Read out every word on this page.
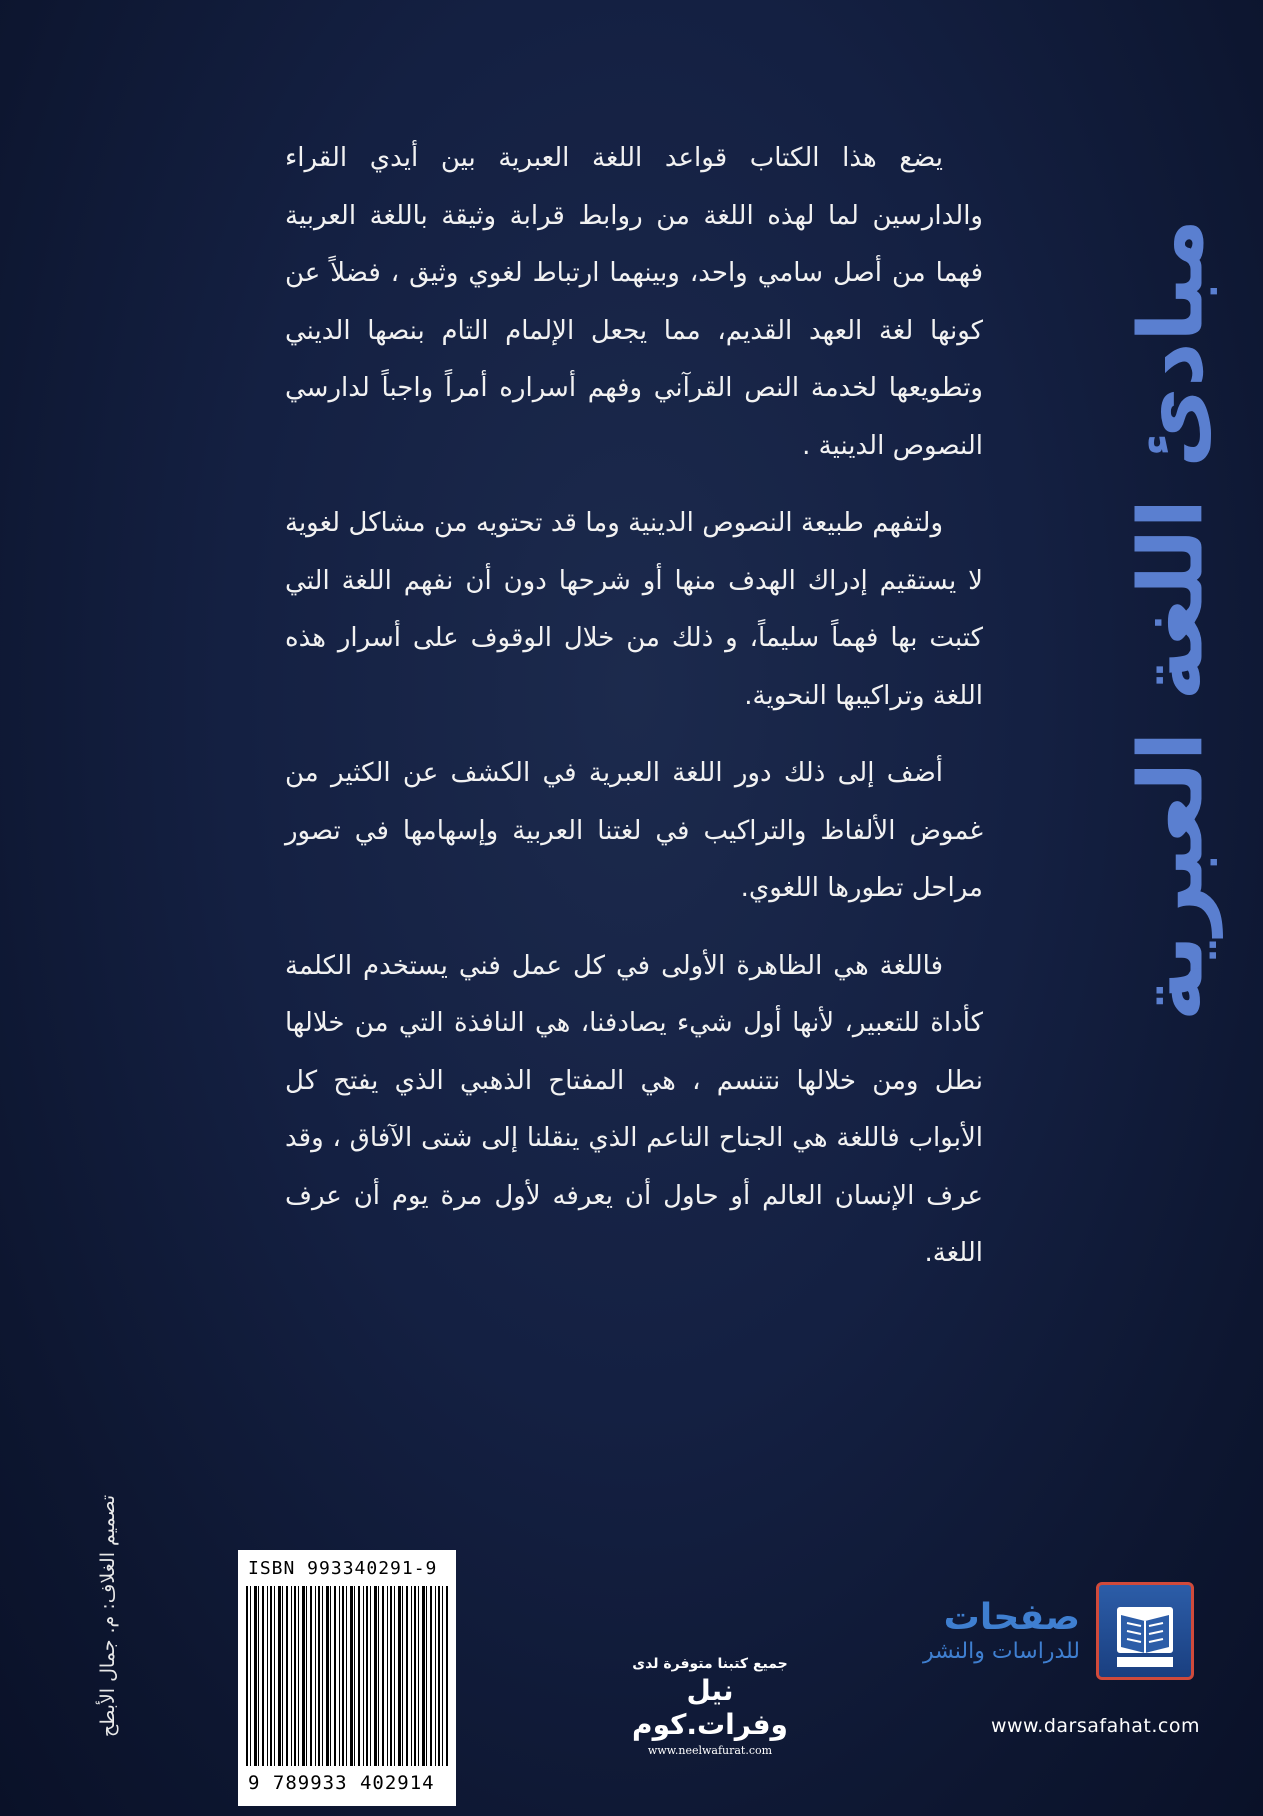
مبادئ اللغة العبرية

يضع هذا الكتاب قواعد اللغة العبرية بين أيدي القراء والدارسين لما لهذه اللغة من روابط قرابة وثيقة باللغة العربية فهما من أصل سامي واحد، وبينهما ارتباط لغوي وثيق ، فضلاً عن كونها لغة العهد القديم، مما يجعل الإلمام التام بنصها الديني وتطويعها لخدمة النص القرآني وفهم أسراره أمراً واجباً لدارسي النصوص الدينية .

ولتفهم طبيعة النصوص الدينية وما قد تحتويه من مشاكل لغوية لا يستقيم إدراك الهدف منها أو شرحها دون أن نفهم اللغة التي كتبت بها فهماً سليماً، و ذلك من خلال الوقوف على أسرار هذه اللغة وتراكيبها النحوية.

أضف إلى ذلك دور اللغة العبرية في الكشف عن الكثير من غموض الألفاظ والتراكيب في لغتنا العربية وإسهامها في تصور مراحل تطورها اللغوي.

فاللغة هي الظاهرة الأولى في كل عمل فني يستخدم الكلمة كأداة للتعبير، لأنها أول شيء يصادفنا، هي النافذة التي من خلالها نطل ومن خلالها نتنسم ، هي المفتاح الذهبي الذي يفتح كل الأبواب فاللغة هي الجناح الناعم الذي ينقلنا إلى شتى الآفاق ، وقد عرف الإنسان العالم أو حاول أن يعرفه لأول مرة يوم أن عرف اللغة.

تصميم الغلاف: م. جمال الأبطح	ISBN 993340291-9
9 789933 402914
جميع كتبنا متوفرة لدى
نيل وفرات.كوم
www.neelwafurat.com
صفحات
للدراسات والنشر
www.darsafahat.com
